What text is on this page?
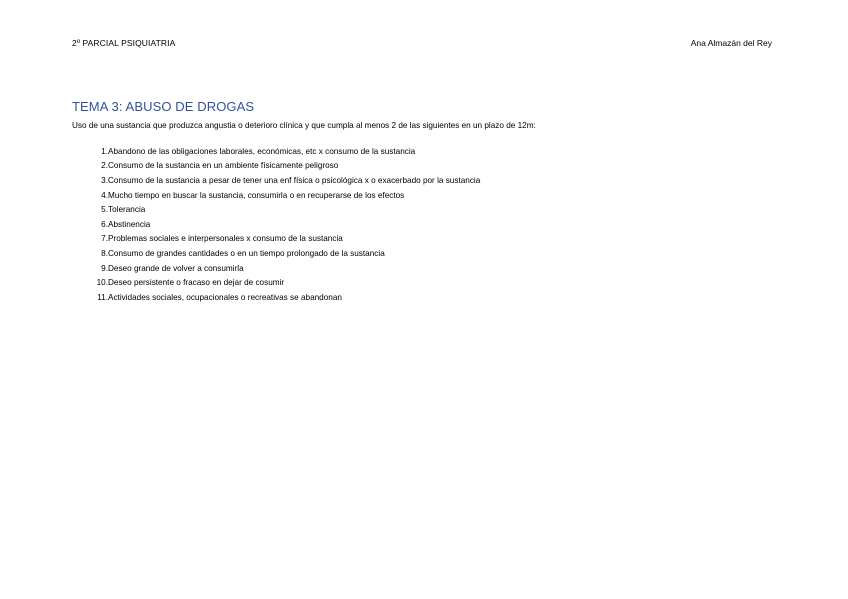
2º PARCIAL PSIQUIATRIA	Ana Almazán del Rey
TEMA 3: ABUSO DE DROGAS
Uso de una sustancia que produzca angustia o deterioro clínica y que cumpla al menos 2 de las siguientes en un plazo de 12m:
1. Abandono de las obligaciones laborales, económicas, etc x consumo de la sustancia
2. Consumo de la sustancia en un ambiente físicamente peligroso
3. Consumo de la sustancia a pesar de tener una enf física o psicológica x o exacerbado por la sustancia
4. Mucho tiempo en buscar la sustancia, consumirla o en recuperarse de los efectos
5. Tolerancia
6. Abstinencia
7. Problemas sociales e interpersonales x consumo de la sustancia
8. Consumo de grandes cantidades o en un tiempo prolongado de la sustancia
9. Deseo grande de volver a consumirla
10. Deseo persistente o fracaso en dejar de cosumir
11. Actividades sociales, ocupacionales o recreativas se abandonan
